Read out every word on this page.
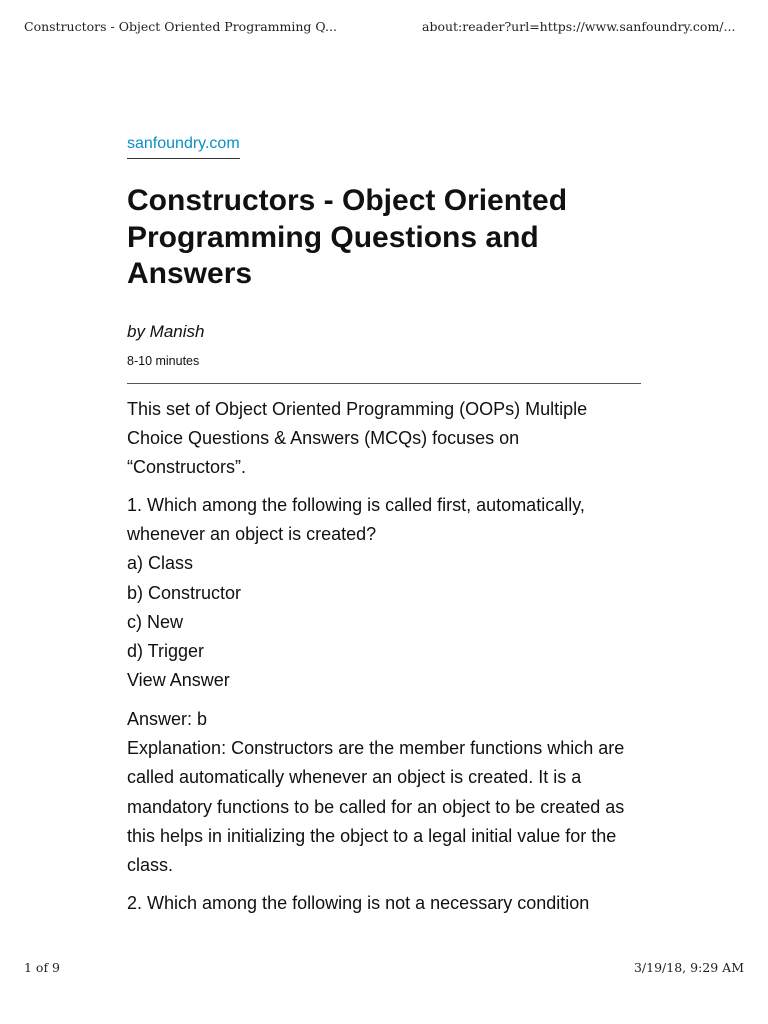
Constructors - Object Oriented Programming Q...	about:reader?url=https://www.sanfoundry.com/...
sanfoundry.com
Constructors - Object Oriented Programming Questions and Answers
by Manish
8-10 minutes

This set of Object Oriented Programming (OOPs) Multiple Choice Questions & Answers (MCQs) focuses on “Constructors”.

1. Which among the following is called first, automatically, whenever an object is created?
a) Class
b) Constructor
c) New
d) Trigger
View Answer
Answer: b
Explanation: Constructors are the member functions which are called automatically whenever an object is created. It is a mandatory functions to be called for an object to be created as this helps in initializing the object to a legal initial value for the class.

2. Which among the following is not a necessary condition

1 of 9	3/19/18, 9:29 AM
